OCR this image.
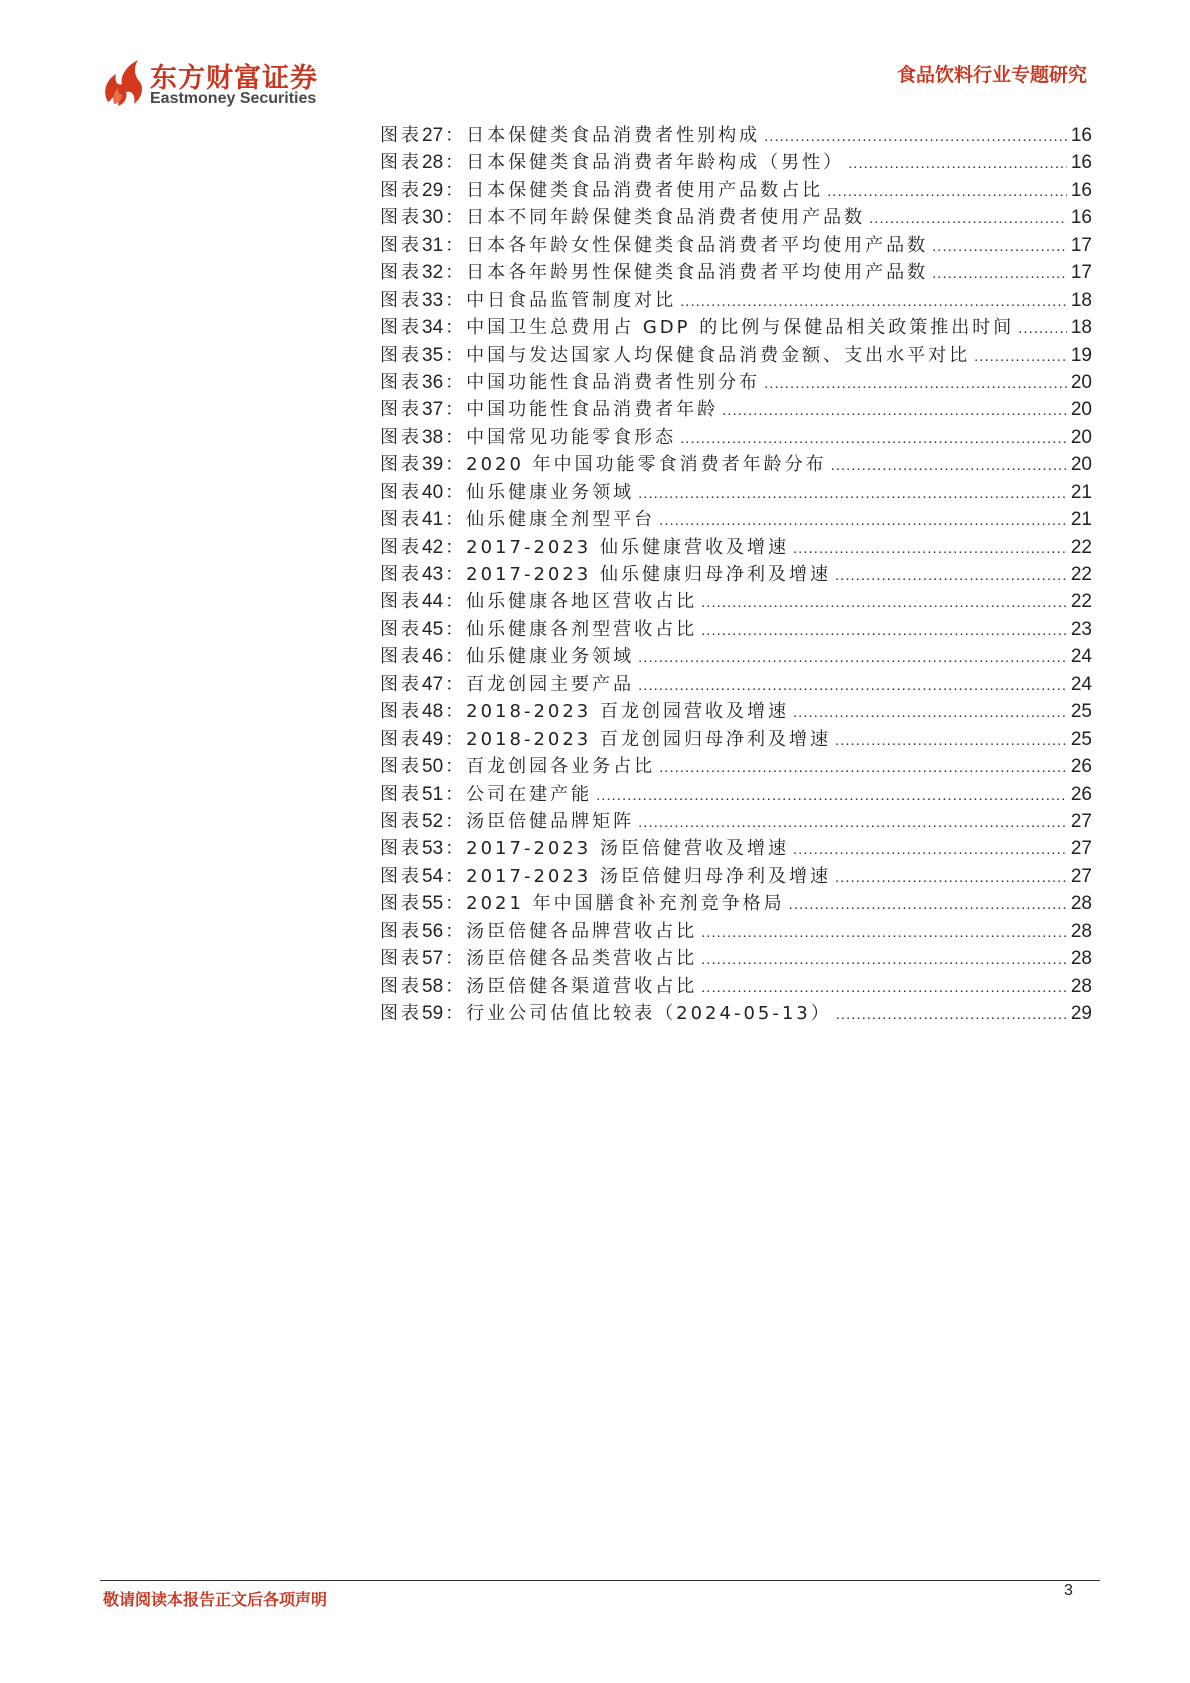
东方财富证券
Eastmoney Securities
食品饮料行业专题研究
图表 27 ： 日本保健类食品消费者性别构成 .....	16
图表 28 ： 日本保健类食品消费者年龄构成（男性） .....	16
图表 29 ： 日本保健类食品消费者使用产品数占比 .....	16
图表 30 ： 日本不同年龄保健类食品消费者使用产品数 .....	16
图表 31 ： 日本各年龄女性保健类食品消费者平均使用产品数 .....	17
图表 32 ： 日本各年龄男性保健类食品消费者平均使用产品数 .....	17
图表 33 ： 中日食品监管制度对比 .....	18
图表 34 ： 中国卫生总费用占 GDP 的比例与保健品相关政策推出时间 .....	18
图表 35 ： 中国与发达国家人均保健食品消费金额、支出水平对比 .....	19
图表 36 ： 中国功能性食品消费者性别分布 .....	20
图表 37 ： 中国功能性食品消费者年龄 .....	20
图表 38 ： 中国常见功能零食形态 .....	20
图表 39 ： 2020 年中国功能零食消费者年龄分布 .....	20
图表 40 ： 仙乐健康业务领域 .....	21
图表 41 ： 仙乐健康全剂型平台 .....	21
图表 42 ： 2017-2023 仙乐健康营收及增速 .....	22
图表 43 ： 2017-2023 仙乐健康归母净利及增速 .....	22
图表 44 ： 仙乐健康各地区营收占比 .....	22
图表 45 ： 仙乐健康各剂型营收占比 .....	23
图表 46 ： 仙乐健康业务领域 .....	24
图表 47 ： 百龙创园主要产品 .....	24
图表 48 ： 2018-2023 百龙创园营收及增速 .....	25
图表 49 ： 2018-2023 百龙创园归母净利及增速 .....	25
图表 50 ： 百龙创园各业务占比 .....	26
图表 51 ： 公司在建产能 .....	26
图表 52 ： 汤臣倍健品牌矩阵 .....	27
图表 53 ： 2017-2023 汤臣倍健营收及增速 .....	27
图表 54 ： 2017-2023 汤臣倍健归母净利及增速 .....	27
图表 55 ： 2021 年中国膳食补充剂竞争格局 .....	28
图表 56 ： 汤臣倍健各品牌营收占比 .....	28
图表 57 ： 汤臣倍健各品类营收占比 .....	28
图表 58 ： 汤臣倍健各渠道营收占比 .....	28
图表 59 ： 行业公司估值比较表（2024-05-13） .....	29
敬请阅读本报告正文后各项声明	3
